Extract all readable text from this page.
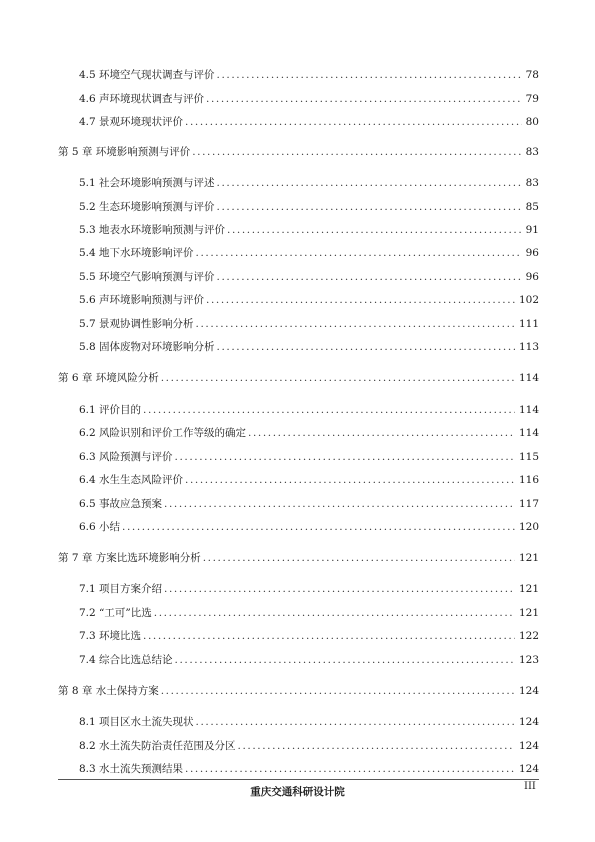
4.5 环境空气现状调查与评价 .....	78
4.6 声环境现状调查与评价 .....	79
4.7 景观环境现状评价 .....	80
第 5 章 环境影响预测与评价 .....	83
5.1 社会环境影响预测与评述 .....	83
5.2 生态环境影响预测与评价 .....	85
5.3 地表水环境影响预测与评价 .....	91
5.4 地下水环境影响评价 .....	96
5.5 环境空气影响预测与评价 .....	96
5.6 声环境影响预测与评价 .....	102
5.7 景观协调性影响分析 .....	111
5.8 固体废物对环境影响分析 .....	113
第 6 章 环境风险分析 .....	114
6.1 评价目的 .....	114
6.2 风险识别和评价工作等级的确定 .....	114
6.3 风险预测与评价 .....	115
6.4 水生生态风险评价 .....	116
6.5 事故应急预案 .....	117
6.6 小结 .....	120
第 7 章 方案比选环境影响分析 .....	121
7.1 项目方案介绍 .....	121
7.2 “工可”比选 .....	121
7.3 环境比选 .....	122
7.4 综合比选总结论 .....	123
第 8 章 水土保持方案 .....	124
8.1 项目区水土流失现状 .....	124
8.2 水土流失防治责任范围及分区 .....	124
8.3 水土流失预测结果 .....	124
重庆交通科研设计院	III
